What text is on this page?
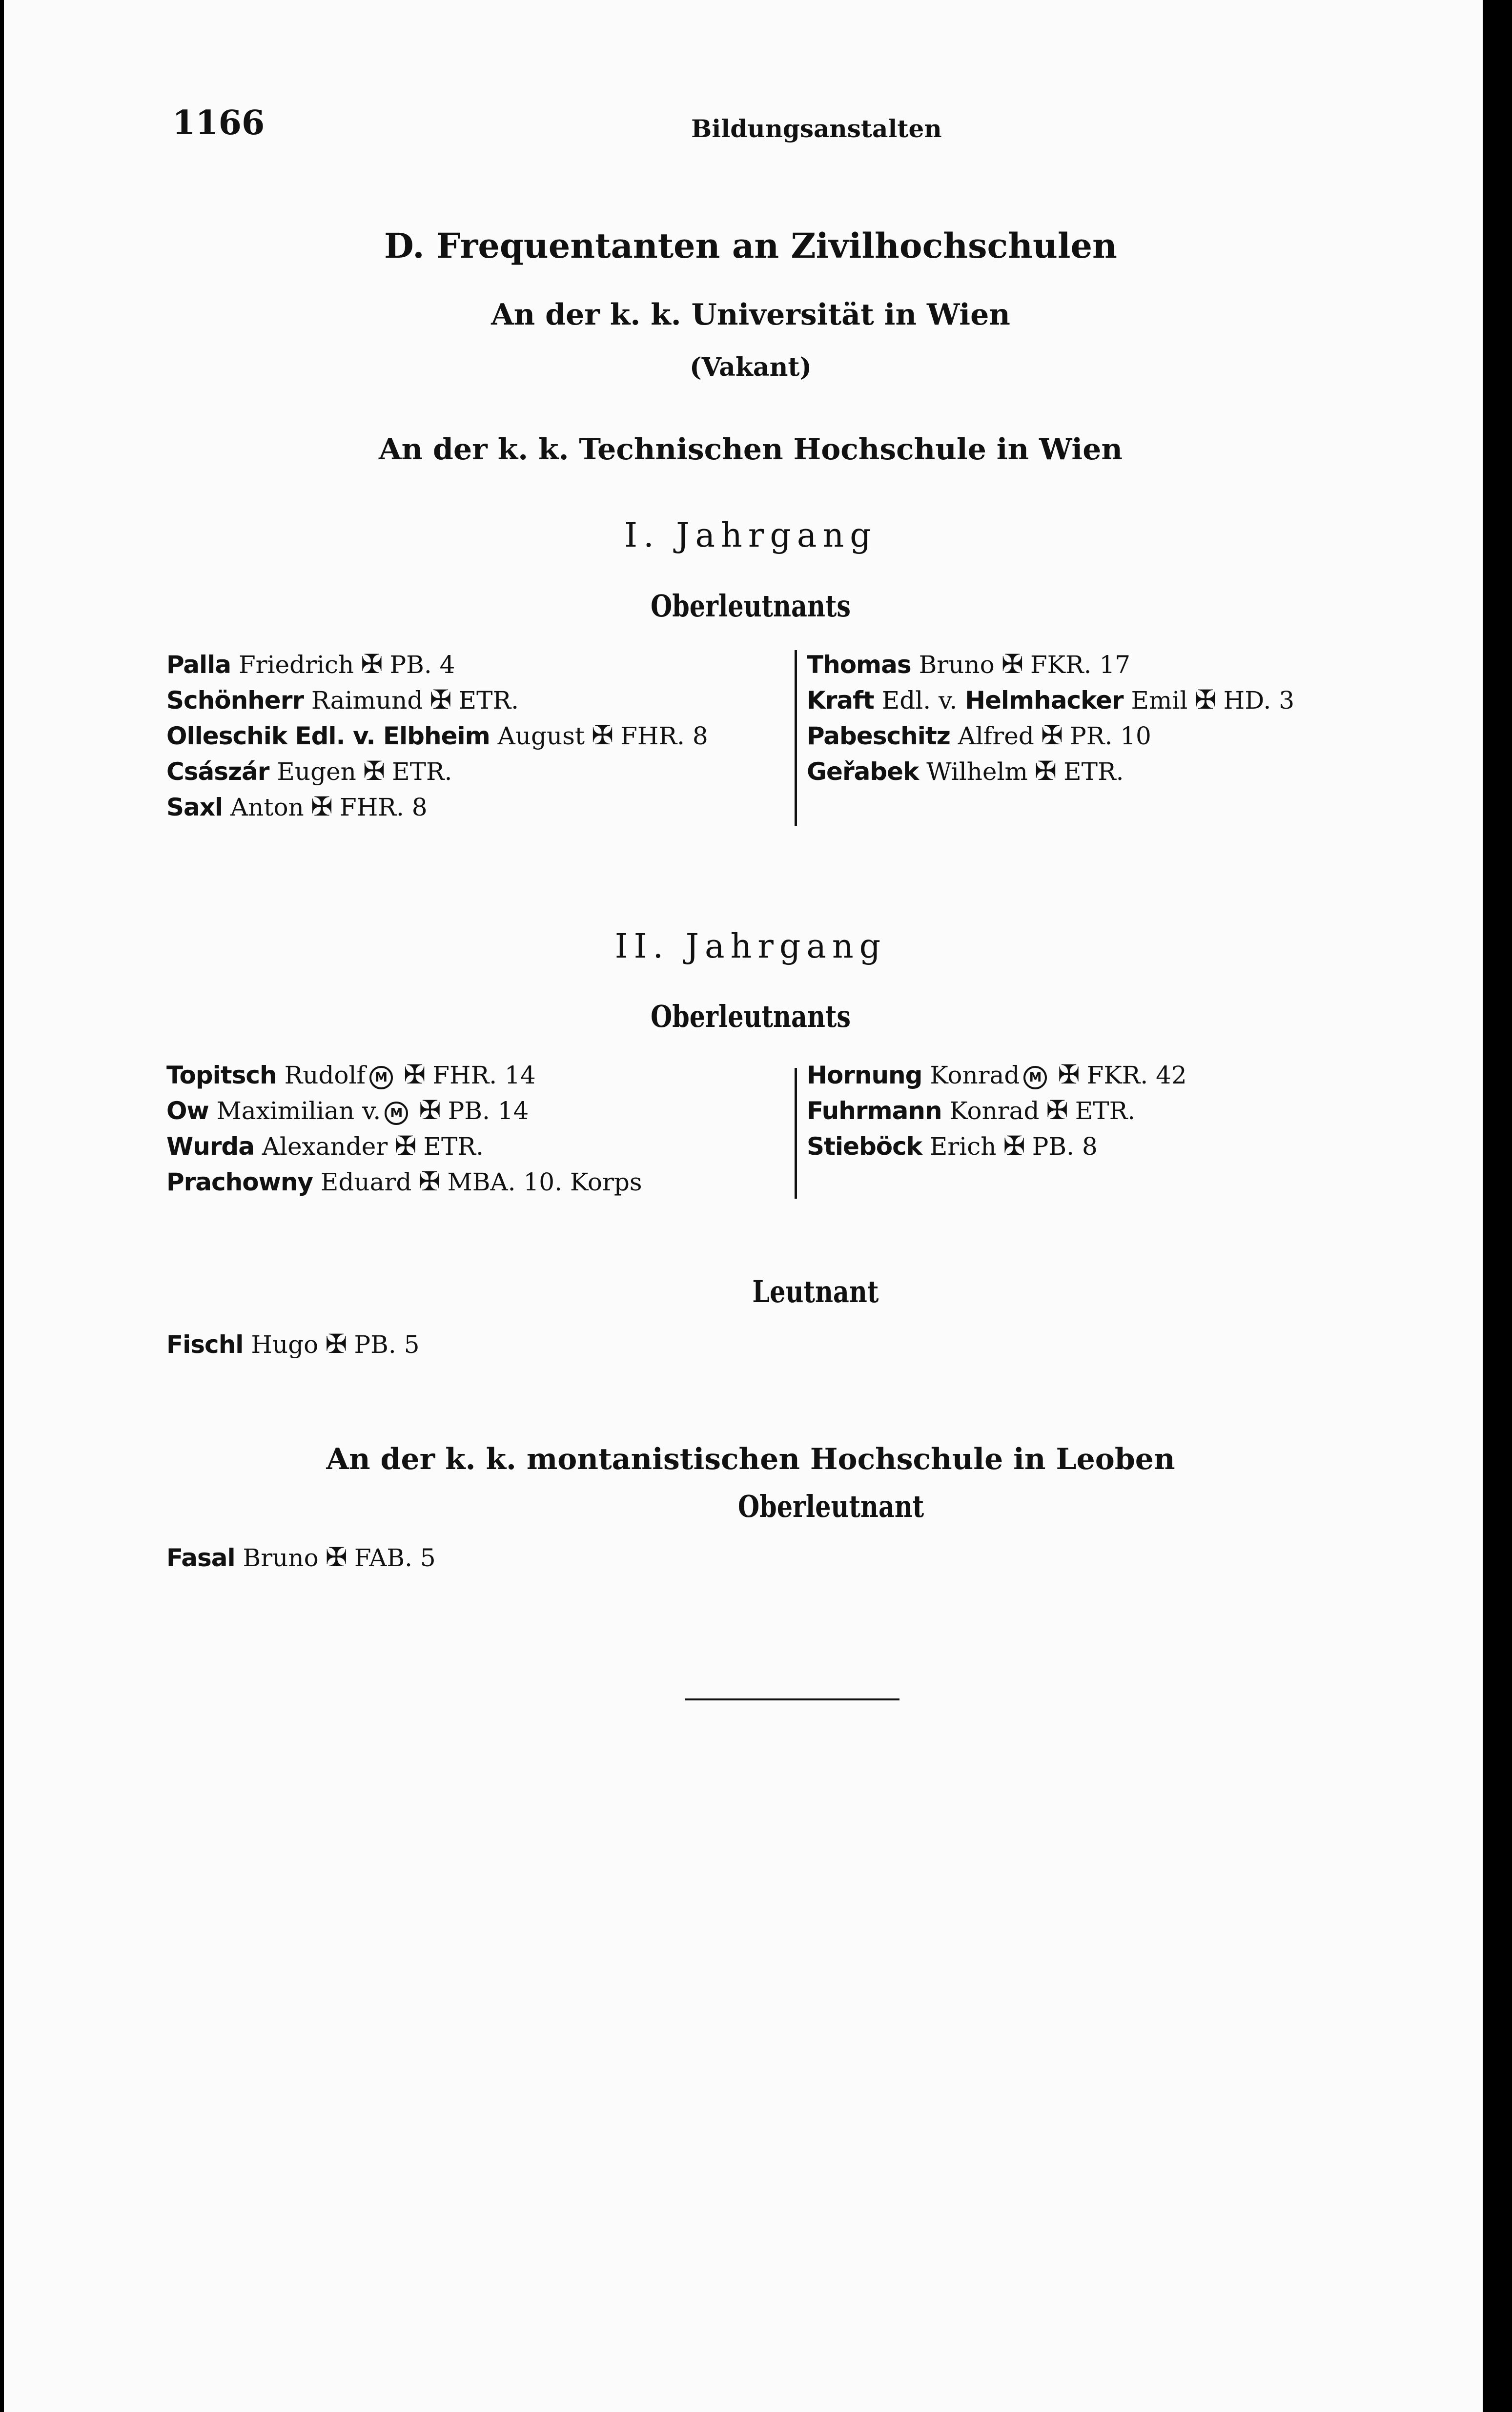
1166	Bildungsanstalten
D. Frequentanten an Zivilhochschulen
An der k. k. Universität in Wien
(Vakant)
An der k. k. Technischen Hochschule in Wien
I. Jahrgang
Oberleutnants
Palla Friedrich ✠ PB. 4
Schönherr Raimund ✠ ETR.
Olleschik Edl. v. Elbheim August ✠ FHR. 8
Császár Eugen ✠ ETR.
Saxl Anton ✠ FHR. 8
Thomas Bruno ✠ FKR. 17
Kraft Edl. v. Helmhacker Emil ✠ HD. 3
Pabeschitz Alfred ✠ PR. 10
Geřabek Wilhelm ✠ ETR.
II. Jahrgang
Oberleutnants
Topitsch Rudolf M ✠ FHR. 14
Ow Maximilian v. M ✠ PB. 14
Wurda Alexander ✠ ETR.
Prachowny Eduard ✠ MBA. 10. Korps
Hornung Konrad M ✠ FKR. 42
Fuhrmann Konrad ✠ ETR.
Stieböck Erich ✠ PB. 8
Leutnant
Fischl Hugo ✠ PB. 5
An der k. k. montanistischen Hochschule in Leoben
Oberleutnant
Fasal Bruno ✠ FAB. 5
